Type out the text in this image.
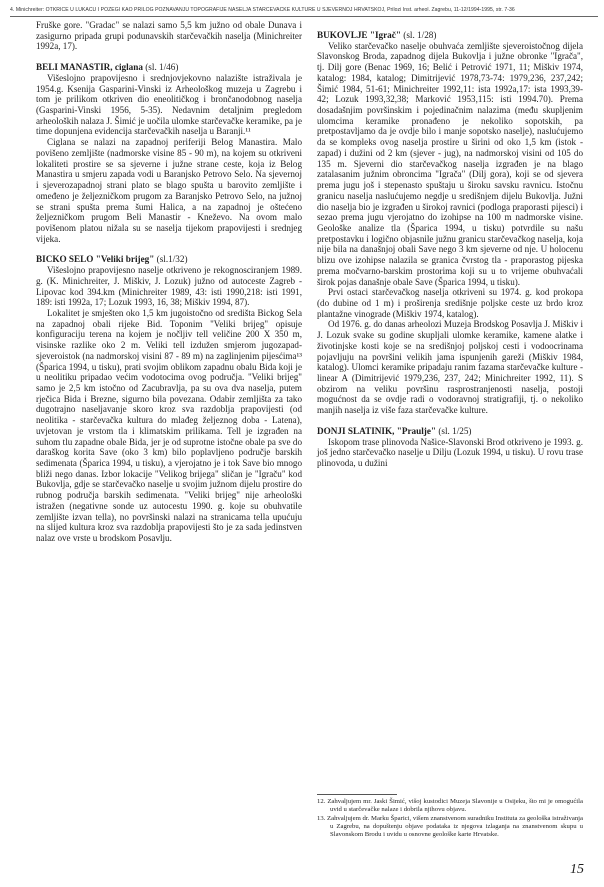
4. Minichreiter: OTKRIĆE U LUKAČU I POŽEGI KAO PRILOG POZNAVANJU TOPOGRAFIJE NASELJA STARČEVAČKE KULTURE U SJEVERNOJ HRVATSKOJ, Prilozi Inst. arheol. Zagrebu, 11-12/1994-1995, str. 7-36

Fruške gore. "Gradac" se nalazi samo 5,5 km južno od obale Dunava i zasigurno pripada grupi podunavskih starčevačkih naselja (Minichreiter 1992a, 17).

BELI MANASTIR, ciglana (sl. 1/46)

Višeslojno prapovijesno i srednjovjekovno nalazište istraživala je 1954.g. Ksenija Gasparini-Vinski iz Arheološkog muzeja u Zagrebu i tom je prilikom otkriven dio eneolitičkog i brončanodobnog naselja (Gasparini-Vinski 1956, 5-35). Nedavnim detaljnim pregledom arheoloških nalaza J. Šimić je uočila ulomke starčevačke keramike, pa je time dopunjena evidencija starčevačkih naselja u Baranji.¹¹

Ciglana se nalazi na zapadnoj periferiji Belog Manastira. Malo povišeno zemljište (nadmorske visine 85 - 90 m), na kojem su otkriveni lokaliteti prostire se sa sjeverne i južne strane ceste, koja iz Belog Manastira u smjeru zapada vodi u Baranjsko Petrovo Selo. Na sjevernoj i sjeverozapadnoj strani plato se blago spušta u barovito zemljište i omeđeno je željezničkom prugom za Baranjsko Petrovo Selo, na južnoj se strani spušta prema šumi Halica, a na zapadnoj je oštećeno željezničkom prugom Beli Manastir - Kneževo. Na ovom malo povišenom platou nižala su se naselja tijekom prapovijesti i srednjeg vijeka.

BICKO SELO "Veliki brijeg" (sl.1/32)

Višeslojno prapovijesno naselje otkriveno je rekognosciranjem 1989. g. (K. Minichreiter, J. Miškiv, J. Lozuk) južno od autoceste Zagreb - Lipovac kod 394.km (Minichreiter 1989, 43: isti 1990,218: isti 1991, 189: isti 1992a, 17; Lozuk 1993, 16, 38; Miškiv 1994, 87).

Lokalitet je smješten oko 1,5 km jugoistočno od središta Bickog Sela na zapadnoj obali rijeke Bid. Toponim "Veliki brijeg" opisuje konfiguraciju terena na kojem je nočljiv tell veličine 200 X 350 m, visinske razlike oko 2 m. Veliki tell izdužen smjerom jugozapad-sjeveroistok (na nadmorskoj visini 87 - 89 m) na zaglinjenim pijesćima¹³ (Šparica 1994, u tisku), prati svojim oblikom zapadnu obalu Bida koji je u neolitiku pripadao većim vodotocima ovog područja. "Veliki brijeg" samo je 2,5 km istočno od Zacubravlja, pa su ova dva naselja, putem rječica Bida i Brezne, sigurno bila povezana. Odabir zemljišta za tako dugotrajno naseljavanje skoro kroz sva razdoblja prapovijesti (od neolitika - starčevačka kultura do mlađeg željeznog doba - Latena), uvjetovan je vrstom tla i klimatskim prilikama. Tell je izgrađen na suhom tlu zapadne obale Bida, jer je od suprotne istočne obale pa sve do daraškog korita Save (oko 3 km) bilo poplavljeno područje barskih sedimenata (Šparica 1994, u tisku), a vjerojatno je i tok Save bio mnogo bliži nego danas. Izbor lokacije "Velikog brijega" sličan je "Igraču" kod Bukovlja, gdje se starčevačko naselje u svojim južnom dijelu prostire do rubnog područja barskih sedimenata. "Veliki brijeg" nije arheološki istražen (negativne sonde uz autocestu 1990. g. koje su obuhvatile zemljište izvan tella), no površinski nalazi na stranicama tella upućuju na slijed kultura kroz sva razdoblja prapovijesti što je za sada jedinstven nalaz ove vrste u brodskom Posavlju.

BUKOVLJE "Igrač" (sl. 1/28)

Veliko starčevačko naselje obuhvaća zemljište sjeveroistočnog dijela Slavonskog Broda, zapadnog dijela Bukovlja i južne obronke "Igrača", tj. Dilj gore (Benac 1969, 16; Belić i Petrović 1971, 11; Miškiv 1974, katalog: 1984, katalog; Dimitrijević 1978,73-74: 1979,236, 237,242; Šimić 1984, 51-61; Minichreiter 1992,11: ista 1992a,17: ista 1993,39-42; Lozuk 1993,32,38; Marković 1953,115: isti 1994.70). Prema dosadašnjim površinskim i pojedinačnim nalazima (među skupljenim ulomcima keramike pronađeno je nekoliko sopotskih, pa pretpostavljamo da je ovdje bilo i manje sopotsko naselje), naslućujemo da se kompleks ovog naselja prostire u širini od oko 1,5 km (istok - zapad) i dužini od 2 km (sjever - jug), na nadmorskoj visini od 105 do 135 m. Sjeverni dio starčevačkog naselja izgrađen je na blago zatalasanim južnim obroncima "Igrača" (Dilj gora), koji se od sjevera prema jugu još i stepenasto spuštaju u široku savsku ravnicu. Istočnu granicu naselja naslućujemo negdje u središnjem dijelu Bukovlja. Južni dio naselja bio je izgrađen u širokoj ravnici (podloga praporasti pijesci) i sezao prema jugu vjerojatno do izohipse na 100 m nadmorske visine. Geološke analize tla (Šparica 1994, u tisku) potvrdile su našu pretpostavku i logično objasnile južnu granicu starčevačkog naselja, koja nije bila na današnjoj obali Save nego 3 km sjeverne od nje. U holocenu blizu ove izohipse nalazila se granica čvrstog tla - praporastog pijeska prema močvarno-barskim prostorima koji su u to vrijeme obuhvaćali širok pojas današnje obale Save (Šparica 1994, u tisku).

Prvi ostaci starčevačkog naselja otkriveni su 1974. g. kod prokopa (do dubine od 1 m) i proširenja središnje poljske ceste uz brdo kroz plantažne vinograde (Miškiv 1974, katalog).

Od 1976. g. do danas arheolozi Muzeja Brodskog Posavlja J. Miškiv i J. Lozuk svake su godine skupljali ulomke keramike, kamene alatke i životinjske kosti koje se na središnjoj poljskoj cesti i vodoocrinama pojavljuju na površini velikih jama ispunjenih gareži (Miškiv 1984, katalog). Ulomci keramike pripadaju ranim fazama starčevačke kulture - linear A (Dimitrijević 1979,236, 237, 242; Minichreiter 1992, 11). S obzirom na veliku površinu rasprostranjenosti naselja, postoji mogućnost da se ovdje radi o vodoravnoj stratigrafiji, tj. o nekoliko manjih naselja iz više faza starčevačke kulture.

DONJI SLATINIK, "Praulje" (sl. 1/25)

Iskopom trase plinovoda Našice-Slavonski Brod otkriveno je 1993. g. još jedno starčevačko naselje u Dilju (Lozuk 1994, u tisku). U rovu trase plinovoda, u dužini

12. Zahvaljujem mr. Jaski Šimić, višoj kustodici Muzeja Slavonije u Osijeku, što mi je omogućila uvid u starčevačke nalaze i dobrila njihovu objavu.

13. Zahvaljujem dr. Marku Šparici, višem znanstvenom suradniku Instituta za geološka istraživanja u Zagrebu, na dopuštenju objave podataka iz njegova izlaganja na znanstvenom skupu u Slavonskom Brodu i uvidu u osnovne geološke karte Hrvatske.

15
